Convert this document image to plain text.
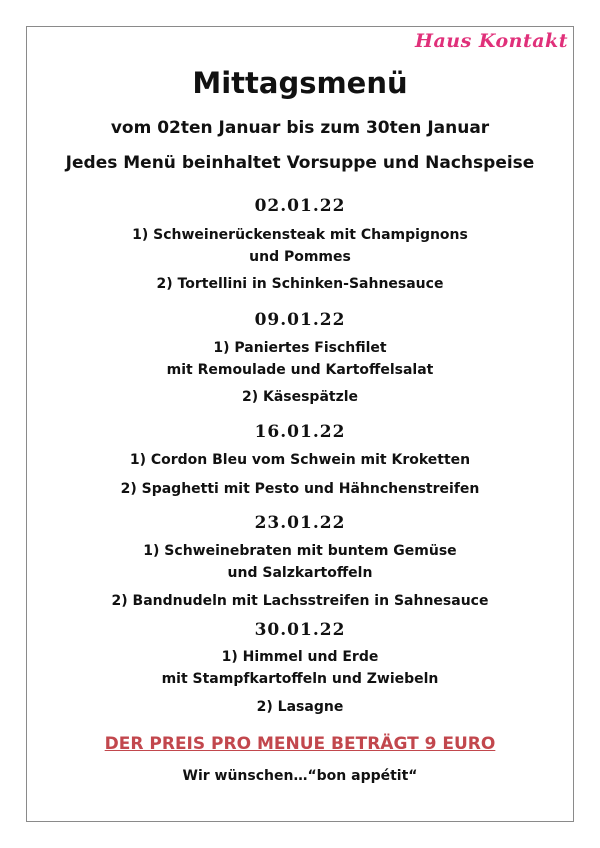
Haus Kontakt
Mittagsmenü
vom 02ten Januar bis zum 30ten Januar
Jedes Menü beinhaltet Vorsuppe und Nachspeise
02.01.22
1) Schweinerückensteak mit Champignons
und Pommes
2) Tortellini in Schinken-Sahnesauce
09.01.22
1) Paniertes Fischfilet
mit Remoulade und Kartoffelsalat
2) Käsespätzle
16.01.22
1) Cordon Bleu vom Schwein mit Kroketten
2) Spaghetti mit Pesto und Hähnchenstreifen
23.01.22
1) Schweinebraten mit buntem Gemüse
und Salzkartoffeln
2) Bandnudeln mit Lachsstreifen in Sahnesauce
30.01.22
1) Himmel und Erde
mit Stampfkartoffeln und Zwiebeln
2) Lasagne
DER PREIS PRO MENUE BETRÄGT 9 EURO
Wir wünschen…“bon appétit“
